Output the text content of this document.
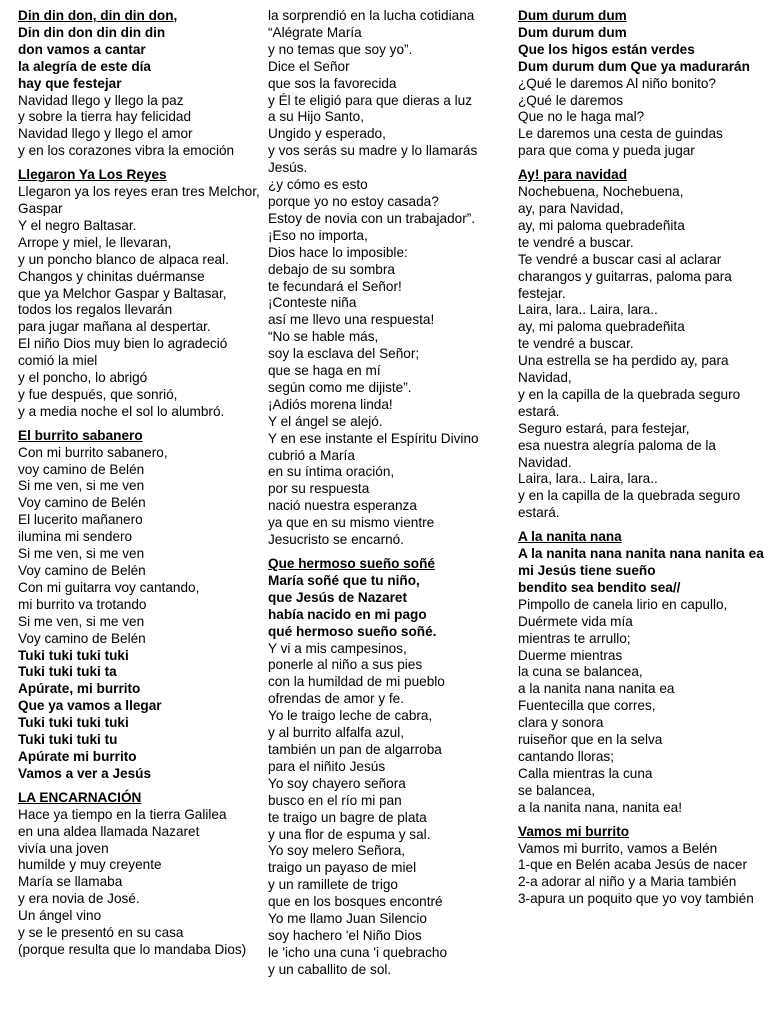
Din din don, din din don,
Din din don din din din
don vamos a cantar
la alegría de este día
hay que festejar
Navidad llego y llego la paz
y sobre la tierra hay felicidad
Navidad llego y llego el amor
y en los corazones vibra la emoción
Llegaron Ya Los Reyes
Llegaron ya los reyes eran tres Melchor, Gaspar
Y el negro Baltasar.
Arrope y miel, le llevaran,
y un poncho blanco de alpaca real.
Changos y chinitas duérmanse
que ya Melchor Gaspar y Baltasar,
todos los regalos llevarán
para jugar mañana al despertar.
El niño Dios muy bien lo agradeció comió la miel
y el poncho, lo abrigó
y fue después, que sonrió,
y a media noche el sol lo alumbró.
El burrito sabanero
Con mi burrito sabanero,
voy camino de Belén
Si me ven, si me ven
Voy camino de Belén
El lucerito mañanero
ilumina mi sendero
Si me ven, si me ven
Voy camino de Belén
Con mi guitarra voy cantando,
mi burrito va trotando
Si me ven, si me ven
Voy camino de Belén
Tuki tuki tuki tuki
Tuki tuki tuki ta
Apúrate, mi burrito
Que ya vamos a llegar
Tuki tuki tuki tuki
Tuki tuki tuki tu
Apúrate mi burrito
Vamos a ver a Jesús
LA ENCARNACIÓN
Hace ya tiempo en la tierra Galilea
en una aldea llamada Nazaret
vivía una joven
humilde y muy creyente
María se llamaba
y era novia de José.
Un ángel vino
y se le presentó en su casa
(porque resulta que lo mandaba Dios)
la sorprendió en la lucha cotidiana
“Alégrate María
y no temas que soy yo”.
Dice el Señor
que sos la favorecida
y Él te eligió para que dieras a luz
a su Hijo Santo,
Ungido y esperado,
y vos serás su madre y lo llamarás Jesús.
¿y cómo es esto
porque yo no estoy casada?
Estoy de novia con un trabajador”.
¡Eso no importa,
Dios hace lo imposible:
debajo de su sombra
te fecundará el Señor!
¡Conteste niña
así me llevo una respuesta!
“No se hable más,
soy la esclava del Señor;
que se haga en mí
según como me dijiste”.
¡Adiós morena linda!
Y el ángel se alejó.
Y en ese instante el Espíritu Divino cubrió a María
en su íntima oración,
por su respuesta
nació nuestra esperanza
ya que en su mismo vientre
Jesucristo se encarnó.
Que hermoso sueño soñé
María soñé que tu niño,
que Jesús de Nazaret
había nacido en mi pago
qué hermoso sueño soñé.
Y vi a mis campesinos,
ponerle al niño a sus pies
con la humildad de mi pueblo
ofrendas de amor y fe.
Yo le traigo leche de cabra,
y al burrito alfalfa azul,
también un pan de algarroba
para el niñito Jesús
Yo soy chayero señora
busco en el río mi pan
te traigo un bagre de plata
y una flor de espuma y sal.
Yo soy melero Señora,
traigo un payaso de miel
y un ramillete de trigo
que en los bosques encontré
Yo me llamo Juan Silencio
soy hachero 'el Niño Dios
le 'icho una cuna 'i quebracho
y un caballito de sol.
Dum durum dum
Dum durum dum
Que los higos están verdes
Dum durum dum Que ya madurarán
¿Qué le daremos Al niño bonito?
¿Qué le daremos
Que no le haga mal?
Le daremos una cesta de guindas
para que coma y pueda jugar
Ay! para navidad
Nochebuena, Nochebuena,
ay, para Navidad,
ay, mi paloma quebradeñita
te vendré a buscar.
Te vendré a buscar casi al aclarar charangos y guitarras, paloma para festejar.
Laira, lara.. Laira, lara..
ay, mi paloma quebradeñita
te vendré a buscar.
Una estrella se ha perdido ay, para Navidad,
y en la capilla de la quebrada seguro estará.
Seguro estará, para festejar,
esa nuestra alegría paloma de la Navidad.
Laira, lara.. Laira, lara..
y en la capilla de la quebrada seguro estará.
A la nanita nana
A la nanita nana nanita nana nanita ea
mi Jesús tiene sueño
bendito sea bendito sea//
Pimpollo de canela lirio en capullo,
Duérmete vida mía
mientras te arrullo;
Duerme mientras
la cuna se balancea,
a la nanita nana nanita ea
Fuentecilla que corres,
clara y sonora
ruiseñor que en la selva
cantando lloras;
Calla mientras la cuna
se balancea,
a la nanita nana, nanita ea!
Vamos mi burrito
Vamos mi burrito, vamos a Belén
1-que en Belén acaba Jesús de nacer
2-a adorar al niño y a Maria también
3-apura un poquito que yo voy también
